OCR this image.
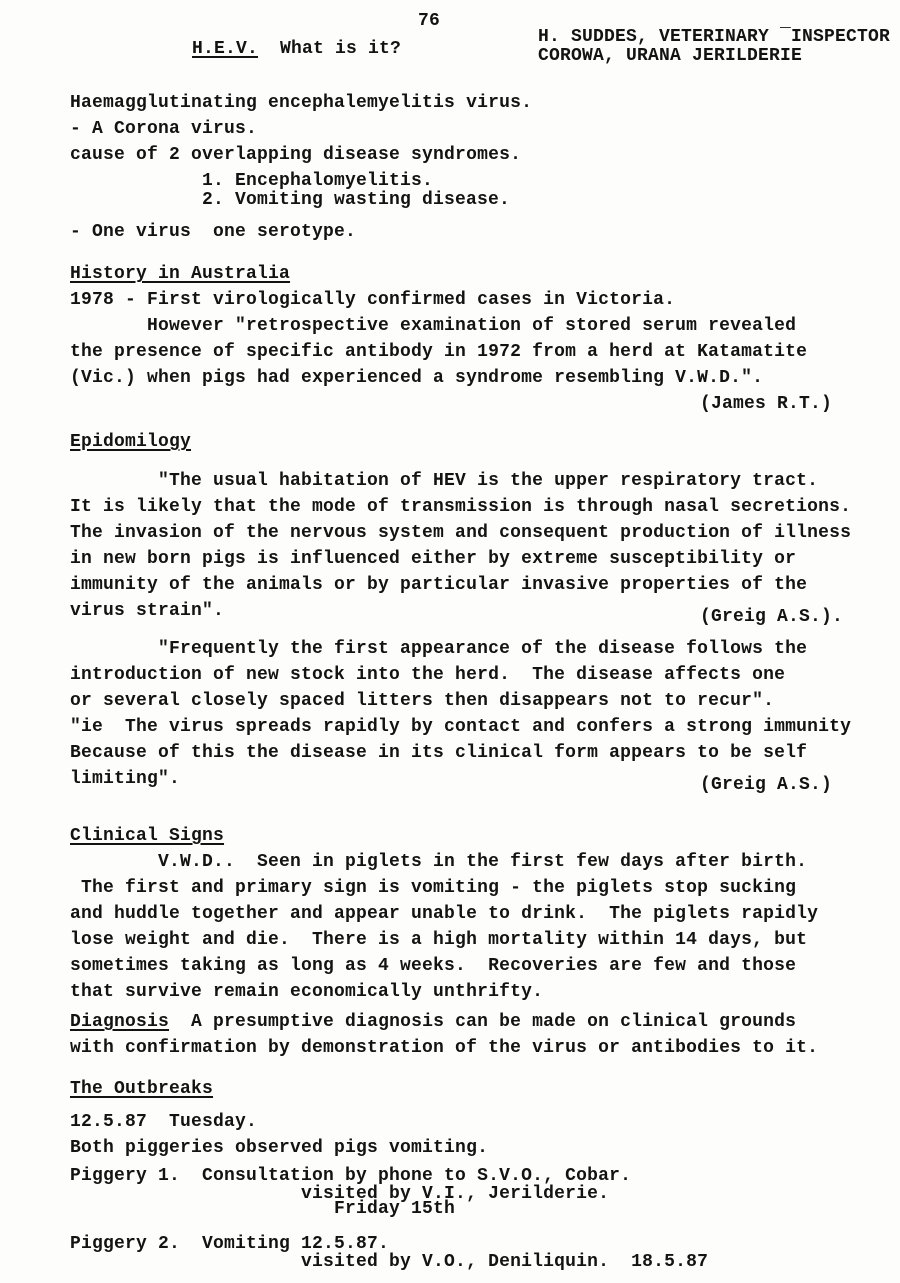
76
H.E.V.  What is it?
H. SUDDES, VETERINARY ¯INSPECTOR
COROWA, URANA JERILDERIE
Haemagglutinating encephalemyelitis virus.
- A Corona virus.
cause of 2 overlapping disease syndromes.
1. Encephalomyelitis.
2. Vomiting wasting disease.
- One virus  one serotype.
History in Australia
1978 - First virologically confirmed cases in Victoria.
However "retrospective examination of stored serum revealed
the presence of specific antibody in 1972 from a herd at Katamatite
(Vic.) when pigs had experienced a syndrome resembling V.W.D.".
(James R.T.)
Epidomilogy
"The usual habitation of HEV is the upper respiratory tract.
It is likely that the mode of transmission is through nasal secretions.
The invasion of the nervous system and consequent production of illness
in new born pigs is influenced either by extreme susceptibility or
immunity of the animals or by particular invasive properties of the
virus strain".	(Greig A.S.).
"Frequently the first appearance of the disease follows the
introduction of new stock into the herd.  The disease affects one
or several closely spaced litters then disappears not to recur".
"ie  The virus spreads rapidly by contact and confers a strong immunity
Because of this the disease in its clinical form appears to be self
limiting".	(Greig A.S.)
Clinical Signs
V.W.D..  Seen in piglets in the first few days after birth.
The first and primary sign is vomiting - the piglets stop sucking
and huddle together and appear unable to drink.  The piglets rapidly
lose weight and die.  There is a high mortality within 14 days, but
sometimes taking as long as 4 weeks.  Recoveries are few and those
that survive remain economically unthrifty.
Diagnosis  A presumptive diagnosis can be made on clinical grounds
with confirmation by demonstration of the virus or antibodies to it.
The Outbreaks
12.5.87  Tuesday.
Both piggeries observed pigs vomiting.
Piggery 1.  Consultation by phone to S.V.O., Cobar.
visited by V.I., Jerilderie.
Friday 15th
Piggery 2.  Vomiting 12.5.87.
visited by V.O., Deniliquin.  18.5.87
